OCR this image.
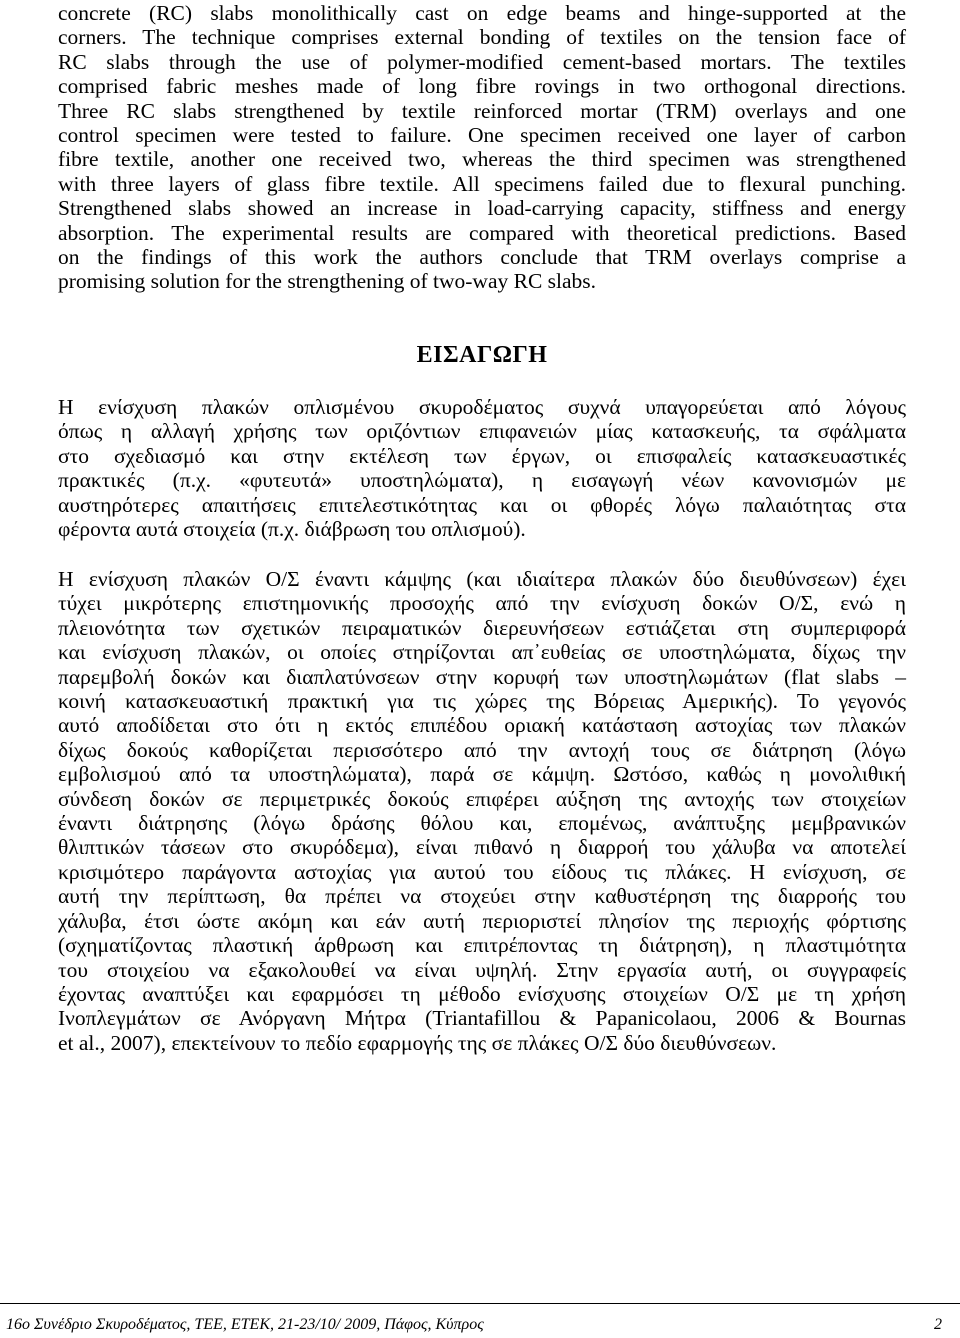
concrete (RC) slabs monolithically cast on edge beams and hinge-supported at the
corners. The technique comprises external bonding of textiles on the tension face of
RC slabs through the use of polymer-modified cement-based mortars. The textiles
comprised fabric meshes made of long fibre rovings in two orthogonal directions.
Three RC slabs strengthened by textile reinforced mortar (TRM) overlays and one
control specimen were tested to failure. One specimen received one layer of carbon
fibre textile, another one received two, whereas the third specimen was strengthened
with three layers of glass fibre textile. All specimens failed due to flexural punching.
Strengthened slabs showed an increase in load-carrying capacity, stiffness and energy
absorption. The experimental results are compared with theoretical predictions. Based
on the findings of this work the authors conclude that TRM overlays comprise a
promising solution for the strengthening of two-way RC slabs.
ΕΙΣΑΓΩΓΗ
Η ενίσχυση πλακών οπλισμένου σκυροδέματος συχνά υπαγορεύεται από λόγους
όπως η αλλαγή χρήσης των οριζόντιων επιφανειών μίας κατασκευής, τα σφάλματα
στο σχεδιασμό και στην εκτέλεση των έργων, οι επισφαλείς κατασκευαστικές
πρακτικές (π.χ. «φυτευτά» υποστηλώματα), η εισαγωγή νέων κανονισμών με
αυστηρότερες απαιτήσεις επιτελεστικότητας και οι φθορές λόγω παλαιότητας στα
φέροντα αυτά στοιχεία (π.χ. διάβρωση του οπλισμού).
Η ενίσχυση πλακών Ο/Σ έναντι κάμψης (και ιδιαίτερα πλακών δύο διευθύνσεων) έχει
τύχει μικρότερης επιστημονικής προσοχής από την ενίσχυση δοκών Ο/Σ, ενώ η
πλειονότητα των σχετικών πειραματικών διερευνήσεων εστιάζεται στη συμπεριφορά
και ενίσχυση πλακών, οι οποίες στηρίζονται απ᾽ευθείας σε υποστηλώματα, δίχως την
παρεμβολή δοκών και διαπλατύνσεων στην κορυφή των υποστηλωμάτων (flat slabs –
κοινή κατασκευαστική πρακτική για τις χώρες της Βόρειας Αμερικής). Το γεγονός
αυτό αποδίδεται στο ότι η εκτός επιπέδου οριακή κατάσταση αστοχίας των πλακών
δίχως δοκούς καθορίζεται περισσότερο από την αντοχή τους σε διάτρηση (λόγω
εμβολισμού από τα υποστηλώματα), παρά σε κάμψη. Ωστόσο, καθώς η μονολιθική
σύνδεση δοκών σε περιμετρικές δοκούς επιφέρει αύξηση της αντοχής των στοιχείων
έναντι διάτρησης (λόγω δράσης θόλου και, επομένως, ανάπτυξης μεμβρανικών
θλιπτικών τάσεων στο σκυρόδεμα), είναι πιθανό η διαρροή του χάλυβα να αποτελεί
κρισιμότερο παράγοντα αστοχίας για αυτού του είδους τις πλάκες. Η ενίσχυση, σε
αυτή την περίπτωση, θα πρέπει να στοχεύει στην καθυστέρηση της διαρροής του
χάλυβα, έτσι ώστε ακόμη και εάν αυτή περιοριστεί πλησίον της περιοχής φόρτισης
(σχηματίζοντας πλαστική άρθρωση και επιτρέποντας τη διάτρηση), η πλαστιμότητα
του στοιχείου να εξακολουθεί να είναι υψηλή. Στην εργασία αυτή, οι συγγραφείς
έχοντας αναπτύξει και εφαρμόσει τη μέθοδο ενίσχυσης στοιχείων Ο/Σ με τη χρήση
Ινοπλεγμάτων σε Ανόργανη Μήτρα (Triantafillou & Papanicolaou, 2006 & Bournas
et al., 2007), επεκτείνουν το πεδίο εφαρμογής της σε πλάκες Ο/Σ δύο διευθύνσεων.
16ο Συνέδριο Σκυροδέματος, ΤΕΕ, ΕΤΕΚ, 21-23/10/ 2009, Πάφος, Κύπρος	2
